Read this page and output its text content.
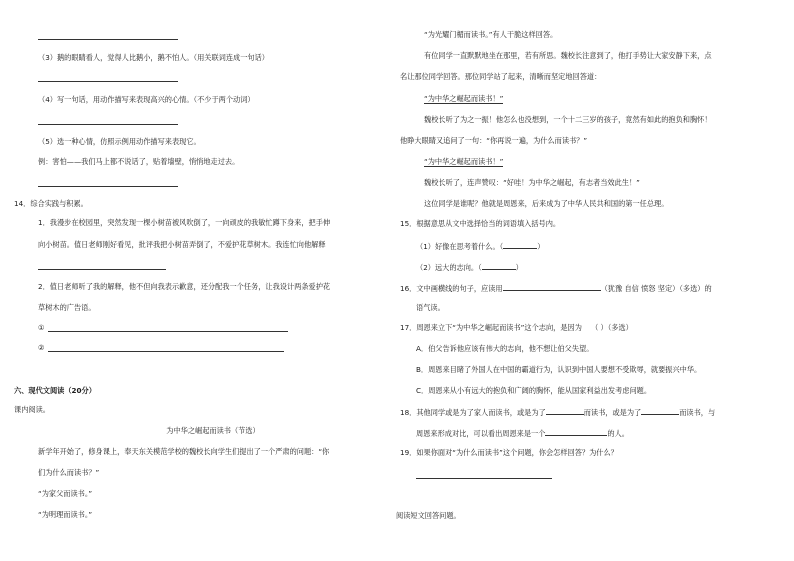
（3）鹅的眼睛看人，觉得人比鹅小，鹅不怕人。（用关联词连成一句话）
（4）写一句话，用动作描写来表现高兴的心情。（不少于两个动词）
（5）选一种心情，仿照示例用动作描写来表现它。
例：害怕——我们马上都不说话了，贴着墙壁，悄悄地走过去。
14．综合实践与积累。
1．我漫步在校园里，突然发现一棵小树苗被风吹倒了，一向顽皮的我敏忙蹲下身来，把手伸
向小树苗。值日老师刚好看见，批评我把小树苗弄倒了，不爱护花草树木。我连忙向他解释
2．值日老师听了我的解释，他不但向我表示歉意，还分配我一个任务，让我设计两条爱护花
草树木的广告语。
①
②
六、现代文阅读（20分）
课内阅读。
为中华之崛起而读书（节选）
新学年开始了，修身课上，奉天东关模范学校的魏校长向学生们提出了一个严肃的问题：“你
们为什么而读书？”
“为家父而读书。”
“为明理而读书。”
“为光耀门楣而读书。”有人干脆这样回答。
有位同学一直默默地坐在那里，若有所思。魏校长注意到了，他打手势让大家安静下来，点
名让那位同学回答。那位同学站了起来，清晰而坚定地回答道：
“为中华之崛起而读书！”
魏校长听了为之一振！他怎么也没想到，一个十二三岁的孩子，竟然有如此的抱负和胸怀！
他睁大眼睛又追问了一句：“你再说一遍，为什么而读书？”
“为中华之崛起而读书！”
魏校长听了，连声赞叹：“好哇！为中华之崛起，有志者当效此生！”
这位同学是谁呢？他就是周恩来，后来成为了中华人民共和国的第一任总理。
15．根据意思从文中选择恰当的词语填入括号内。
（1）好像在思考着什么。（	）
（2）远大的志向。（	）
16．文中画横线的句子，应读用	（犹豫 自信 愤怒 坚定）（多选）的
语气读。
17．周恩来立下“为中华之崛起而读书”这个志向，是因为 （ ）（多选）
A．伯父告诉他应该有伟大的志向，他不想让伯父失望。
B．周恩来目睹了外国人在中国的霸道行为，认识到中国人要想不受欺辱，就要振兴中华。
C．周恩来从小有远大的抱负和广阔的胸怀，能从国家利益出发考虑问题。
18．其他同学或是为了家人而读书，或是为了	而读书，或是为了	而读书，与
周恩来形成对比，可以看出周恩来是一个	的人。
19．如果你面对“为什么而读书”这个问题，你会怎样回答？为什么？
阅读短文回答问题。
